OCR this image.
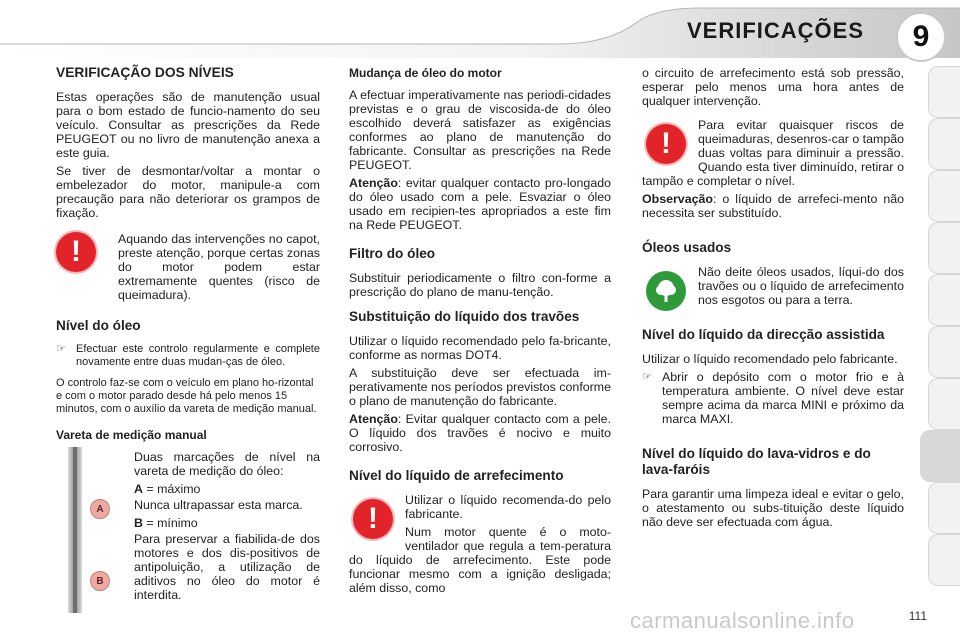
VERIFICAÇÕES	9
VERIFICAÇÃO DOS NÍVEIS

Estas operações são de manutenção usual para o bom estado de funcio-namento do seu veículo. Consultar as prescrições da Rede PEUGEOT ou no livro de manutenção anexa a este guia.

Se tiver de desmontar/voltar a montar o embelezador do motor, manipule-a com precaução para não deteriorar os grampos de fixação.

!	Aquando das intervenções no capot, preste atenção, porque certas zonas do motor podem estar extremamente quentes (risco de queimadura).

Nível do óleo
☞ Efectuar este controlo regularmente e complete novamente entre duas mudan-ças de óleo.

O controlo faz-se com o veículo em plano ho-rizontal e com o motor parado desde há pelo menos 15 minutos, com o auxílio da vareta de medição manual.

Vareta de medição manual

Duas marcações de nível na vareta de medição do óleo:

A = máximo

Nunca ultrapassar esta marca.

B = mínimo

Para preservar a fiabilida-de dos motores e dos dis-positivos de antipoluição, a utilização de aditivos no óleo do motor é interdita.

A
B
Mudança de óleo do motor

A efectuar imperativamente nas periodi-cidades previstas e o grau de viscosida-de do óleo escolhido deverá satisfazer as exigências conformes ao plano de manutenção do fabricante. Consultar as prescrições na Rede PEUGEOT.

Atenção: evitar qualquer contacto pro-longado do óleo usado com a pele. Esvaziar o óleo usado em recipien-tes apropriados a este fim na Rede PEUGEOT.

Filtro do óleo

Substituir periodicamente o filtro con-forme a prescrição do plano de manu-tenção.

Substituição do líquido dos travões

Utilizar o líquido recomendado pelo fa-bricante, conforme as normas DOT4.

A substituição deve ser efectuada im-perativamente nos períodos previstos conforme o plano de manutenção do fabricante.

Atenção: Evitar qualquer contacto com a pele. O líquido dos travões é nocivo e muito corrosivo.

Nível do líquido de arrefecimento
!

Utilizar o líquido recomenda-do pelo fabricante.

Num motor quente é o moto-ventilador que regula a tem-peratura do líquido de arrefecimento. Este pode funcionar mesmo com a ignição desligada; além disso, como

o circuito de arrefecimento está sob pressão, esperar pelo menos uma hora antes de qualquer intervenção.

!

Para evitar quaisquer riscos de queimaduras, desenros-car o tampão duas voltas para diminuir a pressão. Quando esta tiver diminuído, retirar o tampão e completar o nível.

Observação: o líquido de arrefeci-mento não necessita ser substituído.

Óleos usados

Não deite óleos usados, líqui-do dos travões ou o líquido de arrefecimento nos esgotos ou para a terra.

Nível do líquido da direcção assistida

Utilizar o líquido recomendado pelo fabricante.

☞ Abrir o depósito com o motor frio e à temperatura ambiente. O nível deve estar sempre acima da marca MINI e próximo da marca MAXI.

Nível do líquido do lava-vidros e do lava-faróis

Para garantir uma limpeza ideal e evitar o gelo, o atestamento ou subs-tituição deste líquido não deve ser efectuada com água.

carmanualsonline.info	111
